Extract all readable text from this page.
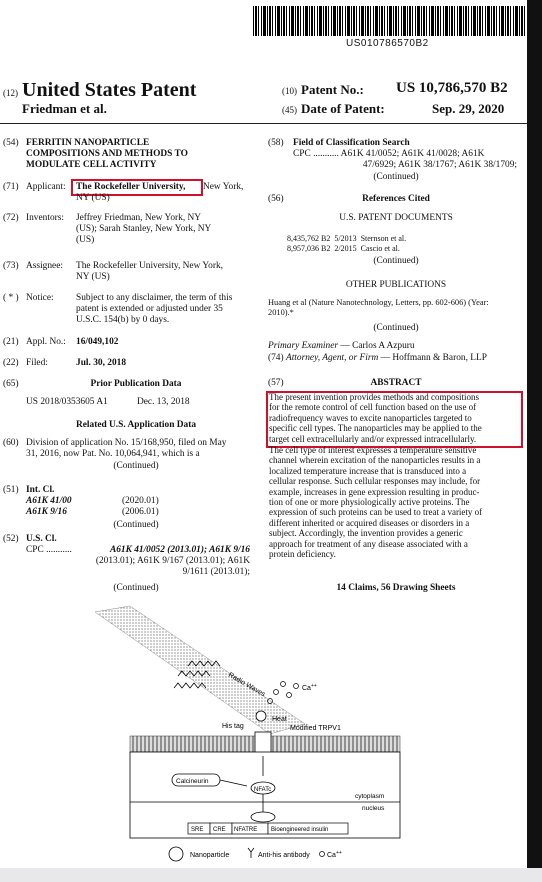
US010786570B2
(12) United States Patent
Friedman et al.
(10) Patent No.: US 10,786,570 B2
(45) Date of Patent:	Sep. 29, 2020
(54) FERRITIN NANOPARTICLE
COMPOSITIONS AND METHODS TO
MODULATE CELL ACTIVITY
(71) Applicant: The Rockefeller University, New York,
NY (US)
(72) Inventors: Jeffrey Friedman, New York, NY
(US); Sarah Stanley, New York, NY
(US)
(73) Assignee: The Rockefeller University, New York,
NY (US)
( * ) Notice: Subject to any disclaimer, the term of this
patent is extended or adjusted under 35
U.S.C. 154(b) by 0 days.
(21) Appl. No.: 16/049,102
(22) Filed:	Jul. 30, 2018
(65)	Prior Publication Data
US 2018/0353605 A1	Dec. 13, 2018
Related U.S. Application Data
(60) Division of application No. 15/168,950, filed on May
31, 2016, now Pat. No. 10,064,941, which is a
(Continued)
(51) Int. Cl.
A61K 41/00	(2020.01)
A61K 9/16	(2006.01)
(Continued)
(52) U.S. Cl.
CPC ...........	A61K 41/0052 (2013.01); A61K 9/16
(2013.01); A61K 9/167 (2013.01); A61K
9/1611 (2013.01);
(Continued)
(58) Field of Classification Search
CPC ........... A61K 41/0052; A61K 41/0028; A61K
47/6929; A61K 38/1767; A61K 38/1709;
(Continued)
(56)	References Cited
U.S. PATENT DOCUMENTS
8,435,762 B2	5/2013	Sternson et al.
8,957,036 B2	2/2015	Cascio et al.
(Continued)
OTHER PUBLICATIONS
Huang et al (Nature Nanotechnology, Letters, pp. 602-606) (Year:
2010).*
(Continued)
Primary Examiner — Carlos A Azpuru
(74) Attorney, Agent, or Firm — Hoffmann & Baron, LLP
(57)	ABSTRACT
The present invention provides methods and compositions
for the remote control of cell function based on the use of
radiofrequency waves to excite nanoparticles targeted to
specific cell types. The nanoparticles may be applied to the
target cell extracellularly and/or expressed intracellularly.
The cell type of interest expresses a temperature sensitive
channel wherein excitation of the nanoparticles results in a
localized temperature increase that is transduced into a
cellular response. Such cellular responses may include, for
example, increases in gene expression resulting in produc-
tion of one or more physiologically active proteins. The
expression of such proteins can be used to treat a variety of
different inherited or acquired diseases or disorders in a
subject. Accordingly, the invention provides a generic
approach for treatment of any disease associated with a
protein deficiency.
14 Claims, 56 Drawing Sheets
Radio Waves	Ca++
Heat
His tag	Modified TRPV1
Calcineurin
NFATc
cytoplasm
nucleus
SRE CRE NFATRE Bioengineered insulin
Nanoparticle	Anti-his antibody Ca++
